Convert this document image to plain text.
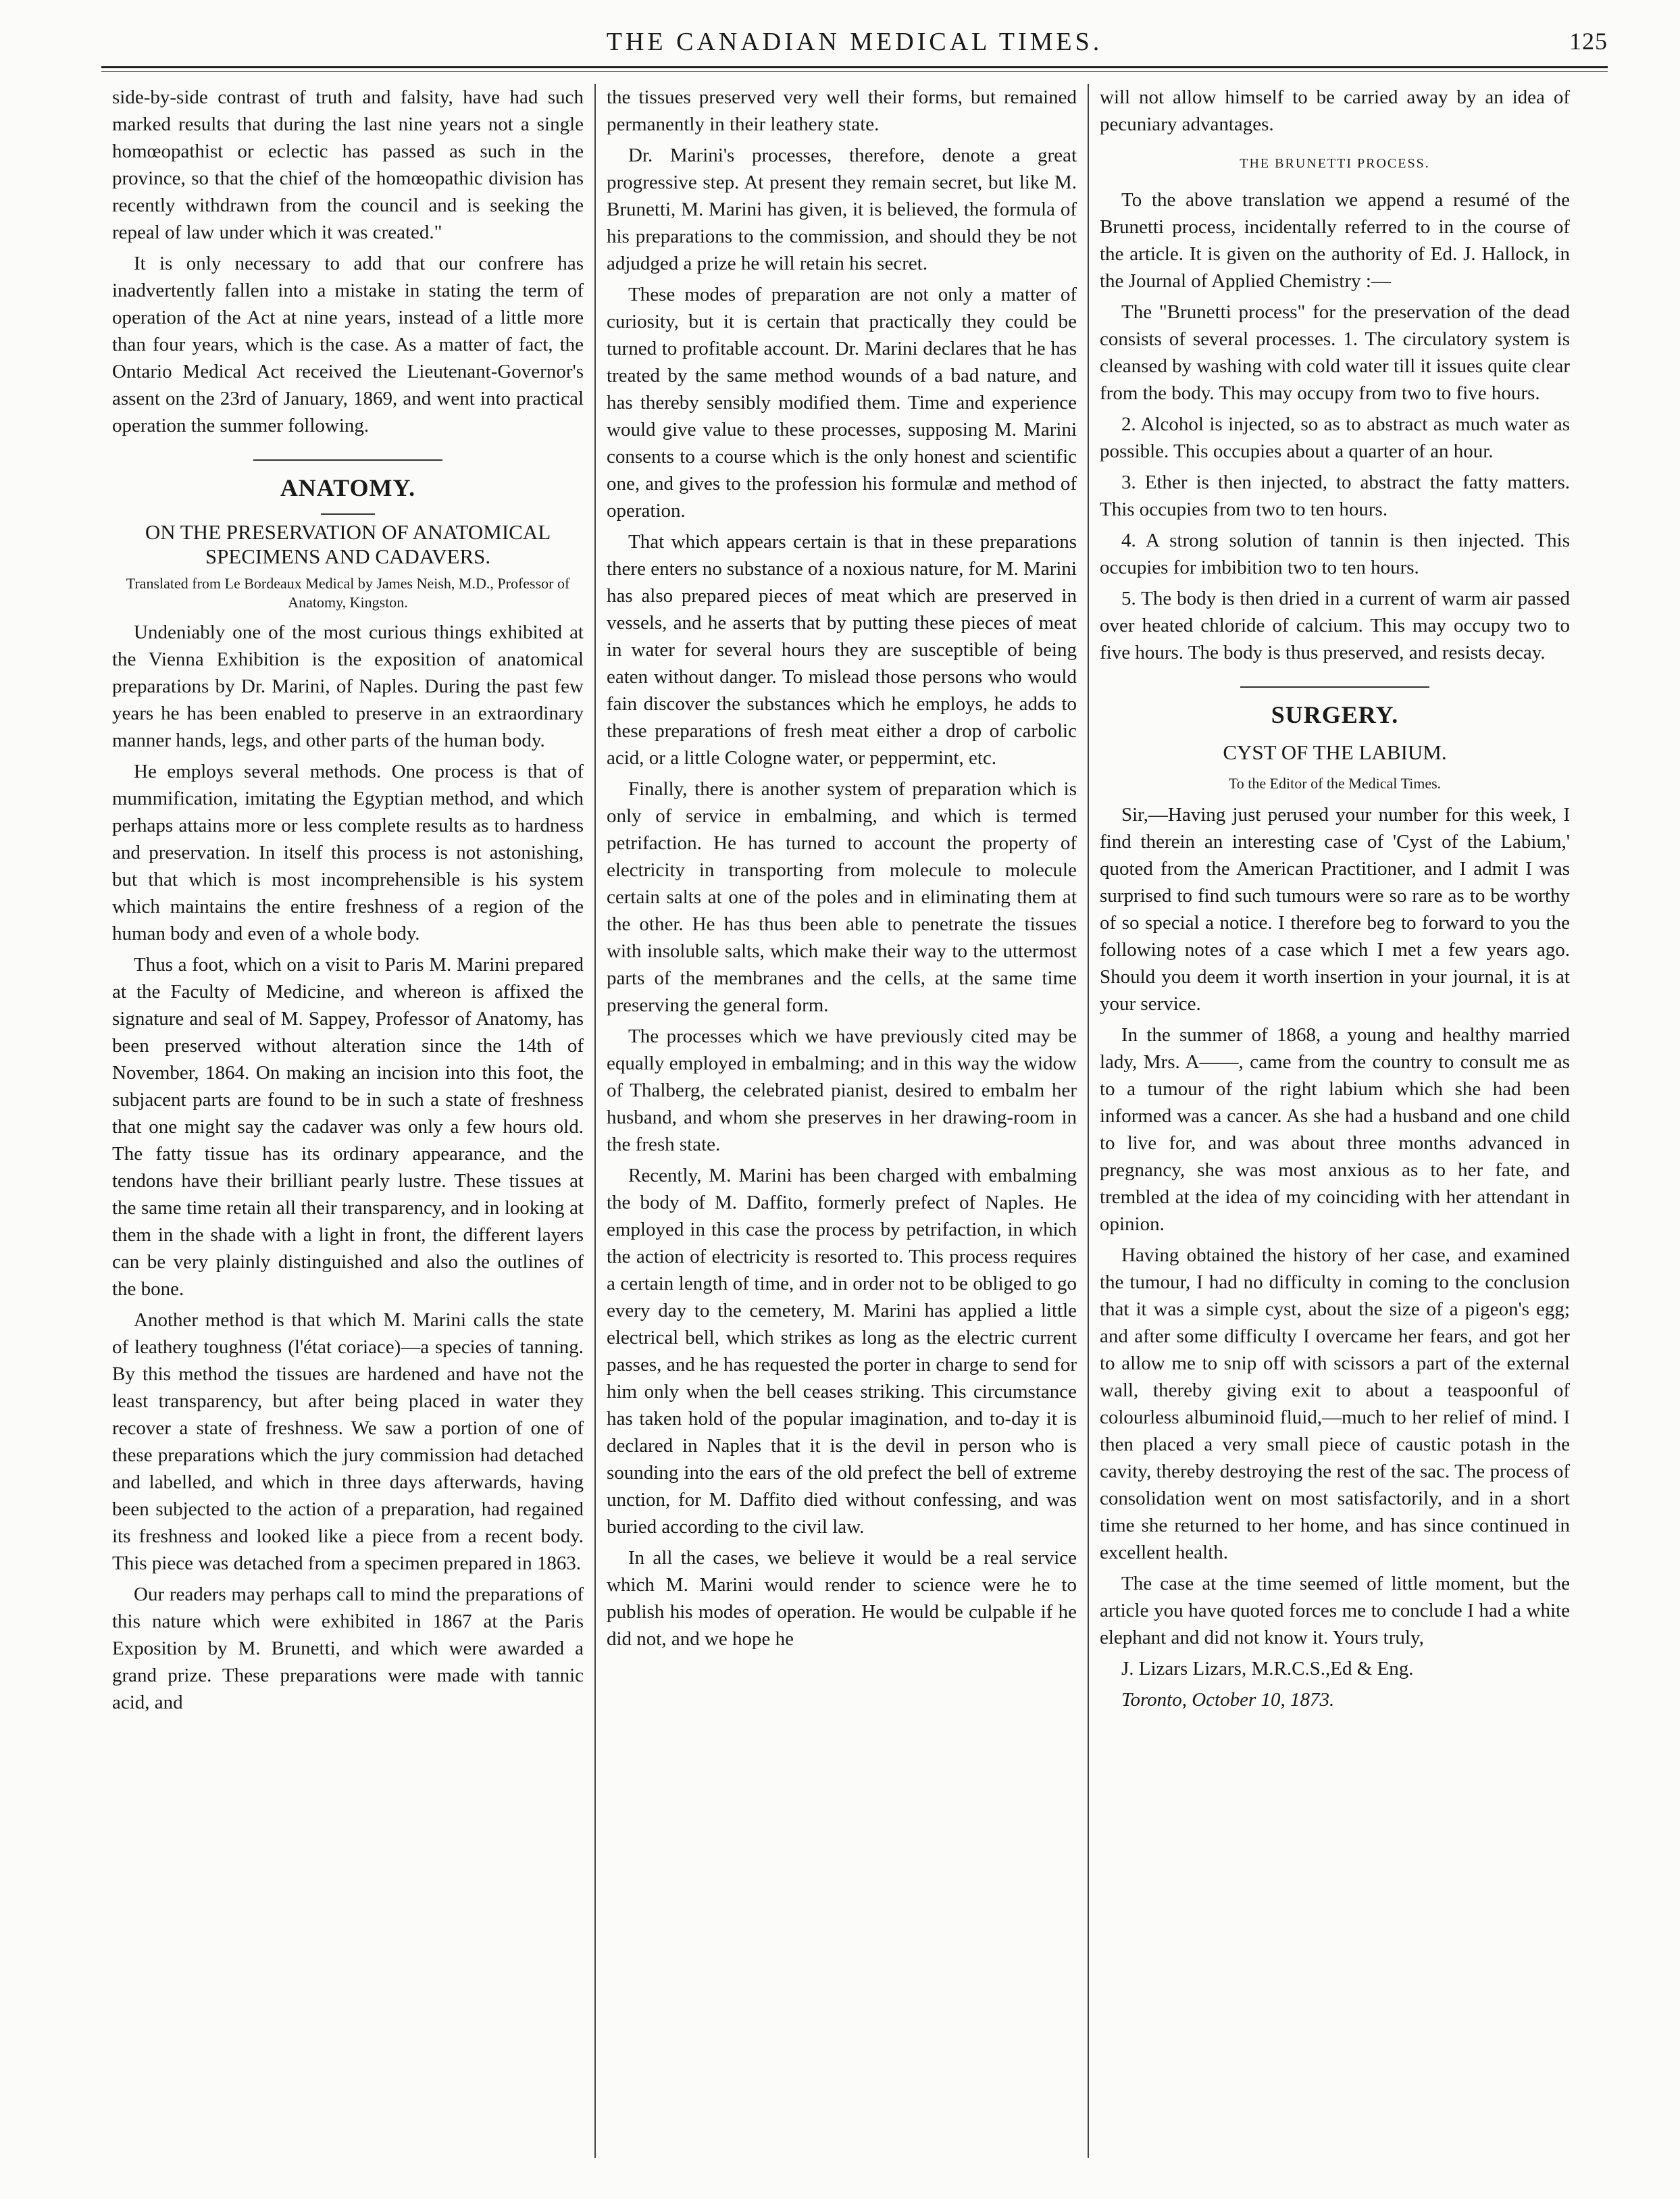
THE CANADIAN MEDICAL TIMES.	125

side-by-side contrast of truth and falsity, have had such marked results that during the last nine years not a single homœopathist or eclectic has passed as such in the province, so that the chief of the homœopathic division has recently withdrawn from the council and is seeking the repeal of law under which it was created."

It is only necessary to add that our confrere has inadvertently fallen into a mistake in stating the term of operation of the Act at nine years, instead of a little more than four years, which is the case. As a matter of fact, the Ontario Medical Act received the Lieutenant-Governor's assent on the 23rd of January, 1869, and went into practical operation the summer following.

ANATOMY.
ON THE PRESERVATION OF ANATOMICAL SPECIMENS AND CADAVERS.
Translated from Le Bordeaux Medical by James Neish, M.D., Professor of Anatomy, Kingston.

Undeniably one of the most curious things exhibited at the Vienna Exhibition is the exposition of anatomical preparations by Dr. Marini, of Naples. During the past few years he has been enabled to preserve in an extraordinary manner hands, legs, and other parts of the human body.

He employs several methods. One process is that of mummification, imitating the Egyptian method, and which perhaps attains more or less complete results as to hardness and preservation. In itself this process is not astonishing, but that which is most incomprehensible is his system which maintains the entire freshness of a region of the human body and even of a whole body.

Thus a foot, which on a visit to Paris M. Marini prepared at the Faculty of Medicine, and whereon is affixed the signature and seal of M. Sappey, Professor of Anatomy, has been preserved without alteration since the 14th of November, 1864. On making an incision into this foot, the subjacent parts are found to be in such a state of freshness that one might say the cadaver was only a few hours old. The fatty tissue has its ordinary appearance, and the tendons have their brilliant pearly lustre. These tissues at the same time retain all their transparency, and in looking at them in the shade with a light in front, the different layers can be very plainly distinguished and also the outlines of the bone.

Another method is that which M. Marini calls the state of leathery toughness (l'état coriace)—a species of tanning. By this method the tissues are hardened and have not the least transparency, but after being placed in water they recover a state of freshness. We saw a portion of one of these preparations which the jury commission had detached and labelled, and which in three days afterwards, having been subjected to the action of a preparation, had regained its freshness and looked like a piece from a recent body. This piece was detached from a specimen prepared in 1863.

Our readers may perhaps call to mind the preparations of this nature which were exhibited in 1867 at the Paris Exposition by M. Brunetti, and which were awarded a grand prize. These preparations were made with tannic acid, and

the tissues preserved very well their forms, but remained permanently in their leathery state.

Dr. Marini's processes, therefore, denote a great progressive step. At present they remain secret, but like M. Brunetti, M. Marini has given, it is believed, the formula of his preparations to the commission, and should they be not adjudged a prize he will retain his secret.

These modes of preparation are not only a matter of curiosity, but it is certain that practically they could be turned to profitable account. Dr. Marini declares that he has treated by the same method wounds of a bad nature, and has thereby sensibly modified them. Time and experience would give value to these processes, supposing M. Marini consents to a course which is the only honest and scientific one, and gives to the profession his formulæ and method of operation.

That which appears certain is that in these preparations there enters no substance of a noxious nature, for M. Marini has also prepared pieces of meat which are preserved in vessels, and he asserts that by putting these pieces of meat in water for several hours they are susceptible of being eaten without danger. To mislead those persons who would fain discover the substances which he employs, he adds to these preparations of fresh meat either a drop of carbolic acid, or a little Cologne water, or peppermint, etc.

Finally, there is another system of preparation which is only of service in embalming, and which is termed petrifaction. He has turned to account the property of electricity in transporting from molecule to molecule certain salts at one of the poles and in eliminating them at the other. He has thus been able to penetrate the tissues with insoluble salts, which make their way to the uttermost parts of the membranes and the cells, at the same time preserving the general form.

The processes which we have previously cited may be equally employed in embalming; and in this way the widow of Thalberg, the celebrated pianist, desired to embalm her husband, and whom she preserves in her drawing-room in the fresh state.

Recently, M. Marini has been charged with embalming the body of M. Daffito, formerly prefect of Naples. He employed in this case the process by petrifaction, in which the action of electricity is resorted to. This process requires a certain length of time, and in order not to be obliged to go every day to the cemetery, M. Marini has applied a little electrical bell, which strikes as long as the electric current passes, and he has requested the porter in charge to send for him only when the bell ceases striking. This circumstance has taken hold of the popular imagination, and to-day it is declared in Naples that it is the devil in person who is sounding into the ears of the old prefect the bell of extreme unction, for M. Daffito died without confessing, and was buried according to the civil law.

In all the cases, we believe it would be a real service which M. Marini would render to science were he to publish his modes of operation. He would be culpable if he did not, and we hope he

will not allow himself to be carried away by an idea of pecuniary advantages.

THE BRUNETTI PROCESS.

To the above translation we append a resumé of the Brunetti process, incidentally referred to in the course of the article. It is given on the authority of Ed. J. Hallock, in the Journal of Applied Chemistry :—

The "Brunetti process" for the preservation of the dead consists of several processes. 1. The circulatory system is cleansed by washing with cold water till it issues quite clear from the body. This may occupy from two to five hours.

2. Alcohol is injected, so as to abstract as much water as possible. This occupies about a quarter of an hour.

3. Ether is then injected, to abstract the fatty matters. This occupies from two to ten hours.

4. A strong solution of tannin is then injected. This occupies for imbibition two to ten hours.

5. The body is then dried in a current of warm air passed over heated chloride of calcium. This may occupy two to five hours. The body is thus preserved, and resists decay.

SURGERY.
CYST OF THE LABIUM.
To the Editor of the Medical Times.

Sir,—Having just perused your number for this week, I find therein an interesting case of 'Cyst of the Labium,' quoted from the American Practitioner, and I admit I was surprised to find such tumours were so rare as to be worthy of so special a notice. I therefore beg to forward to you the following notes of a case which I met a few years ago. Should you deem it worth insertion in your journal, it is at your service.

In the summer of 1868, a young and healthy married lady, Mrs. A——, came from the country to consult me as to a tumour of the right labium which she had been informed was a cancer. As she had a husband and one child to live for, and was about three months advanced in pregnancy, she was most anxious as to her fate, and trembled at the idea of my coinciding with her attendant in opinion.

Having obtained the history of her case, and examined the tumour, I had no difficulty in coming to the conclusion that it was a simple cyst, about the size of a pigeon's egg; and after some difficulty I overcame her fears, and got her to allow me to snip off with scissors a part of the external wall, thereby giving exit to about a teaspoonful of colourless albuminoid fluid,—much to her relief of mind. I then placed a very small piece of caustic potash in the cavity, thereby destroying the rest of the sac. The process of consolidation went on most satisfactorily, and in a short time she returned to her home, and has since continued in excellent health.

The case at the time seemed of little moment, but the article you have quoted forces me to conclude I had a white elephant and did not know it. Yours truly,

J. Lizars Lizars, M.R.C.S.,Ed & Eng.

Toronto, October 10, 1873.
